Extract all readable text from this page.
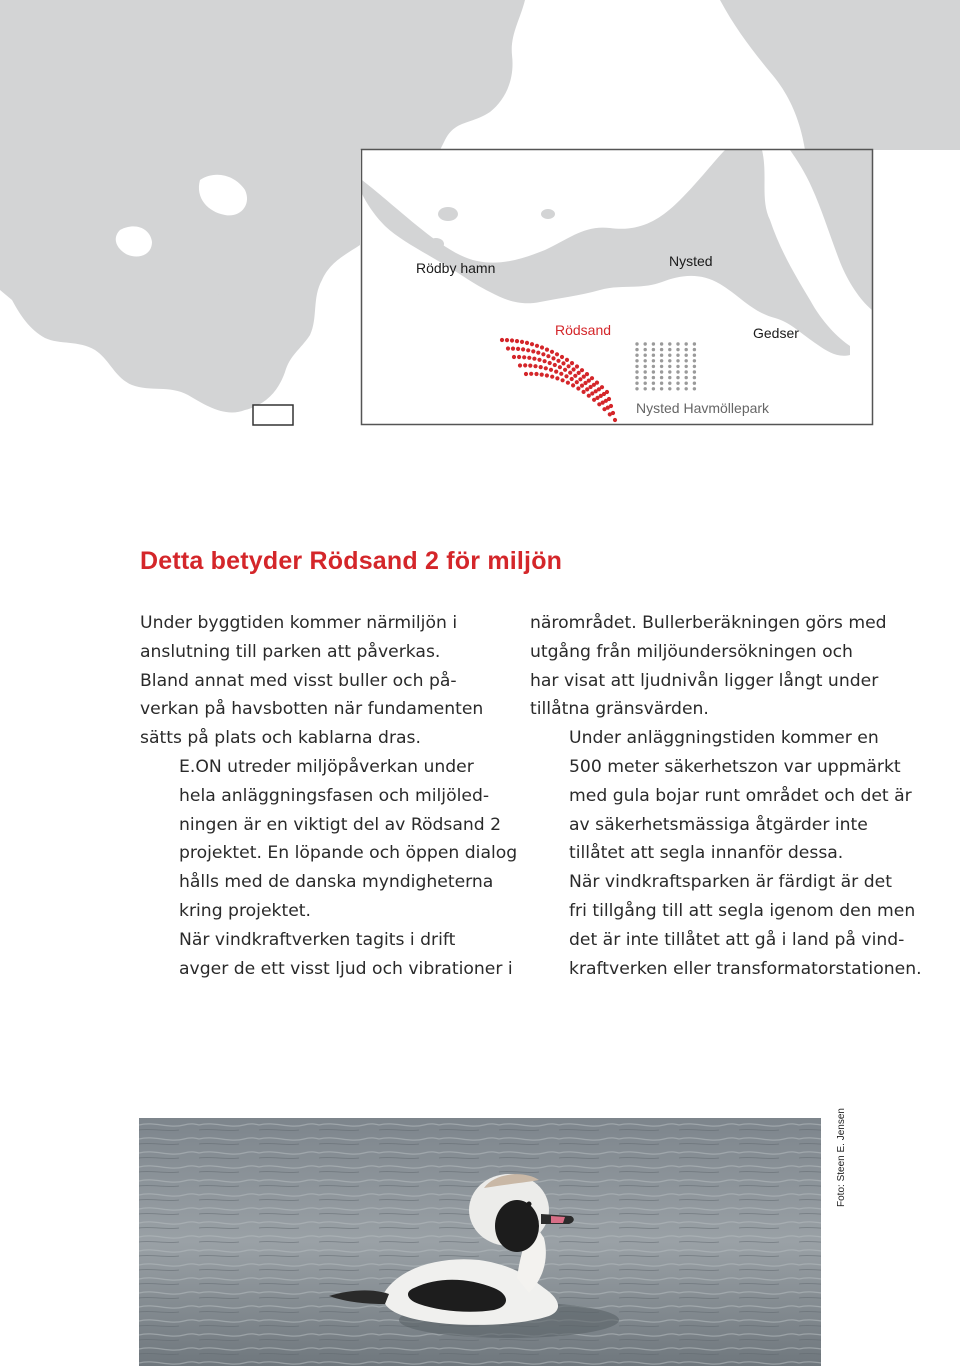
Rödby hamn	Nysted
Rödsand	Gedser
Nysted Havmöllepark
Detta betyder Rödsand 2 för miljön

Under byggtiden kommer närmiljön i
anslutning till parken att påverkas.
Bland annat med visst buller och på-
verkan på havsbotten när fundamenten
sätts på plats och kablarna dras.

E.ON utreder miljöpåverkan under
hela anläggningsfasen och miljöled-
ningen är en viktigt del av Rödsand 2
projektet. En löpande och öppen dialog
hålls med de danska myndigheterna
kring projektet.

När vindkraftverken tagits i drift
avger de ett visst ljud och vibrationer i

närområdet. Bullerberäkningen görs med
utgång från miljöundersökningen och
har visat att ljudnivån ligger långt under
tillåtna gränsvärden.

Under anläggningstiden kommer en
500 meter säkerhetszon var uppmärkt
med gula bojar runt området och det är
av säkerhetsmässiga åtgärder inte
tillåtet att segla innanför dessa.

När vindkraftsparken är färdigt är det
fri tillgång till att segla igenom den men
det är inte tillåtet att gå i land på vind-
kraftverken eller transformatorstationen.

Foto: Steen E. Jensen
